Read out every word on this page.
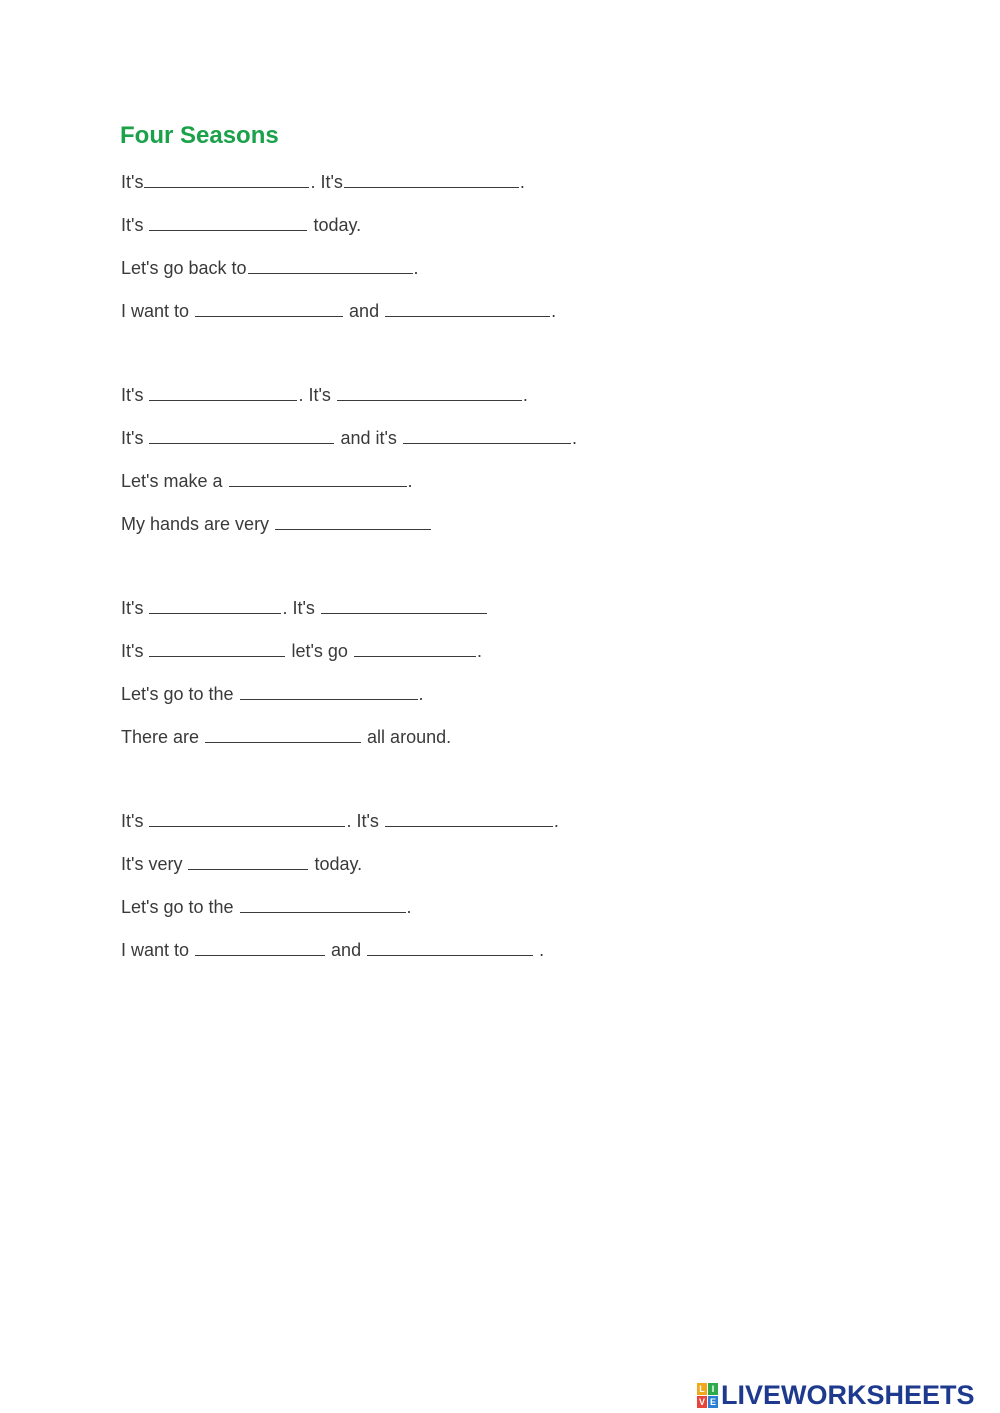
Four Seasons
It's	. It's	.
It's	today.
Let's go back to	.
I want to	and	.
It's	. It's	.
It's	and it's	.
Let's make a	.
My hands are very
It's	. It's
It's	let's go	.
Let's go to the	.
There are	all around.
It's	. It's	.
It's very	today.
Let's go to the	.
I want to	and	.
L I
V E LIVEWORKSHEETS
